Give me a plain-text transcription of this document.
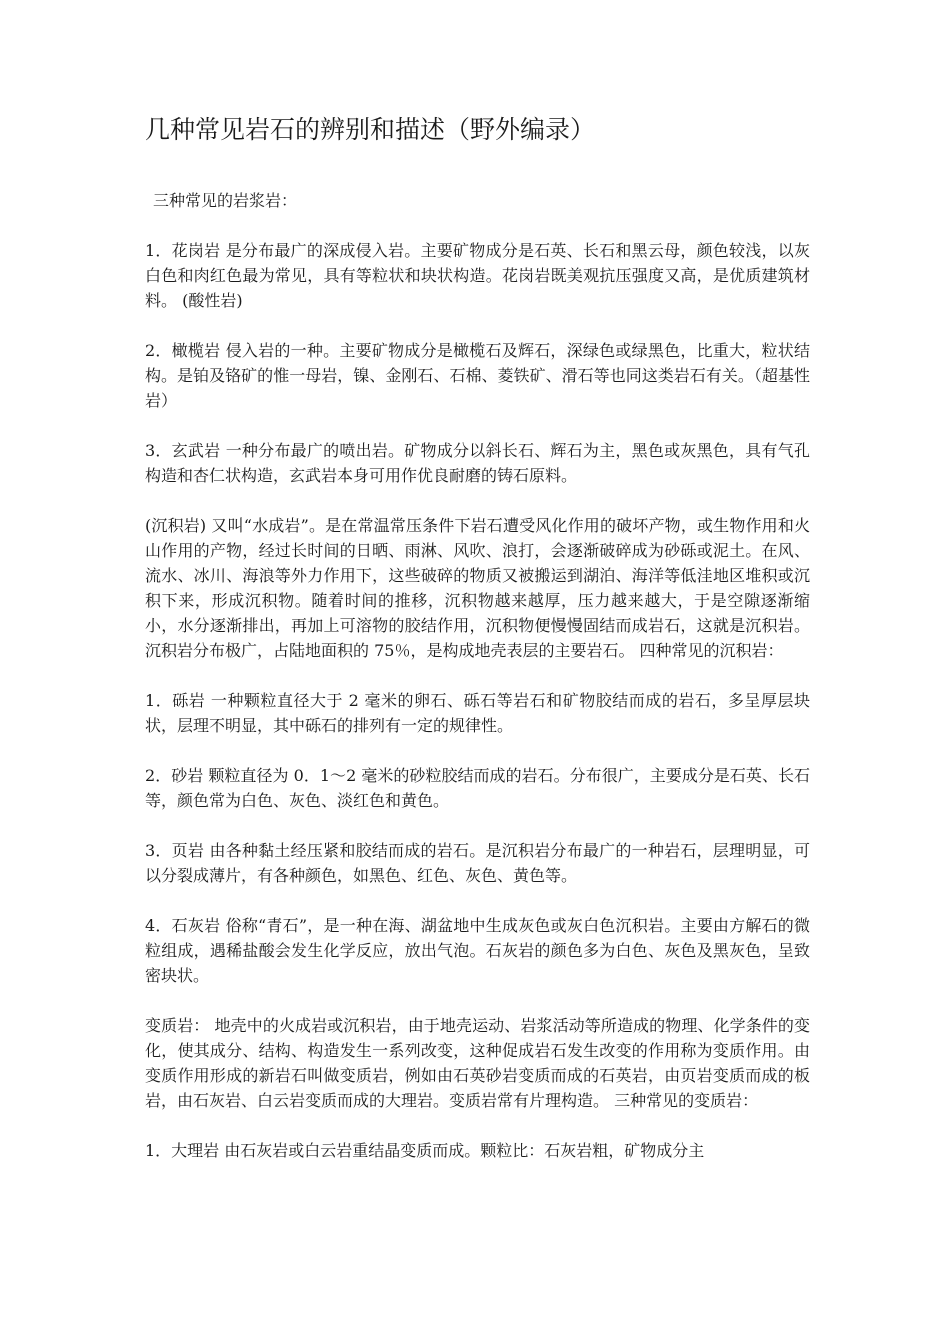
几种常见岩石的辨别和描述（野外编录）

三种常见的岩浆岩：

1．花岗岩 是分布最广的深成侵入岩。主要矿物成分是石英、长石和黑云母，颜色较浅，以灰白色和肉红色最为常见，具有等粒状和块状构造。花岗岩既美观抗压强度又高，是优质建筑材料。 (酸性岩)

2．橄榄岩 侵入岩的一种。主要矿物成分是橄榄石及辉石，深绿色或绿黑色，比重大，粒状结构。是铂及铬矿的惟一母岩，镍、金刚石、石棉、菱铁矿、滑石等也同这类岩石有关。（超基性岩）

3．玄武岩 一种分布最广的喷出岩。矿物成分以斜长石、辉石为主，黑色或灰黑色，具有气孔构造和杏仁状构造，玄武岩本身可用作优良耐磨的铸石原料。

(沉积岩) 又叫“水成岩”。是在常温常压条件下岩石遭受风化作用的破坏产物，或生物作用和火山作用的产物，经过长时间的日晒、雨淋、风吹、浪打，会逐渐破碎成为砂砾或泥土。在风、流水、冰川、海浪等外力作用下，这些破碎的物质又被搬运到湖泊、海洋等低洼地区堆积或沉积下来，形成沉积物。随着时间的推移，沉积物越来越厚，压力越来越大，于是空隙逐渐缩小，水分逐渐排出，再加上可溶物的胶结作用，沉积物便慢慢固结而成岩石，这就是沉积岩。沉积岩分布极广，占陆地面积的 75％，是构成地壳表层的主要岩石。 四种常见的沉积岩：

1．砾岩 一种颗粒直径大于 2 毫米的卵石、砾石等岩石和矿物胶结而成的岩石，多呈厚层块状，层理不明显，其中砾石的排列有一定的规律性。

2．砂岩 颗粒直径为 0．1～2 毫米的砂粒胶结而成的岩石。分布很广，主要成分是石英、长石等，颜色常为白色、灰色、淡红色和黄色。

3．页岩 由各种黏土经压紧和胶结而成的岩石。是沉积岩分布最广的一种岩石，层理明显，可以分裂成薄片，有各种颜色，如黑色、红色、灰色、黄色等。

4．石灰岩 俗称“青石”，是一种在海、湖盆地中生成灰色或灰白色沉积岩。主要由方解石的微粒组成，遇稀盐酸会发生化学反应，放出气泡。石灰岩的颜色多为白色、灰色及黑灰色，呈致密块状。

变质岩： 地壳中的火成岩或沉积岩，由于地壳运动、岩浆活动等所造成的物理、化学条件的变化，使其成分、结构、构造发生一系列改变，这种促成岩石发生改变的作用称为变质作用。由变质作用形成的新岩石叫做变质岩，例如由石英砂岩变质而成的石英岩，由页岩变质而成的板岩，由石灰岩、白云岩变质而成的大理岩。变质岩常有片理构造。 三种常见的变质岩：

1．大理岩 由石灰岩或白云岩重结晶变质而成。颗粒比：石灰岩粗，矿物成分主
